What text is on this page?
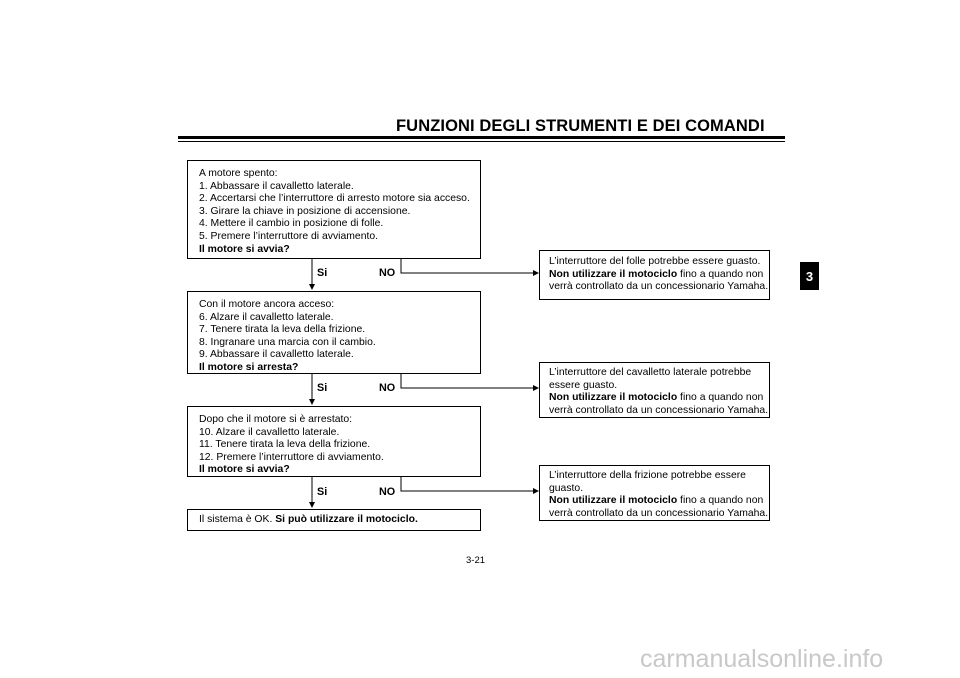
FUNZIONI DEGLI STRUMENTI E DEI COMANDI
3
A motore spento:
1. Abbassare il cavalletto laterale.
2. Accertarsi che l’interruttore di arresto motore sia acceso.
3. Girare la chiave in posizione di accensione.
4. Mettere il cambio in posizione di folle.
5. Premere l’interruttore di avviamento.
Il motore si avvia?
Con il motore ancora acceso:
6. Alzare il cavalletto laterale.
7. Tenere tirata la leva della frizione.
8. Ingranare una marcia con il cambio.
9. Abbassare il cavalletto laterale.
Il motore si arresta?
Dopo che il motore si è arrestato:
10. Alzare il cavalletto laterale.
11. Tenere tirata la leva della frizione.
12. Premere l’interruttore di avviamento.
Il motore si avvia?
Il sistema è OK. Si può utilizzare il motociclo.
Si	NO
Si	NO
Si	NO
L’interruttore del folle potrebbe essere guasto.
Non utilizzare il motociclo fino a quando non
verrà controllato da un concessionario Yamaha.
L’interruttore del cavalletto laterale potrebbe
essere guasto.
Non utilizzare il motociclo fino a quando non
verrà controllato da un concessionario Yamaha.
L’interruttore della frizione potrebbe essere
guasto.
Non utilizzare il motociclo fino a quando non
verrà controllato da un concessionario Yamaha.
3-21
carmanualsonline.info
